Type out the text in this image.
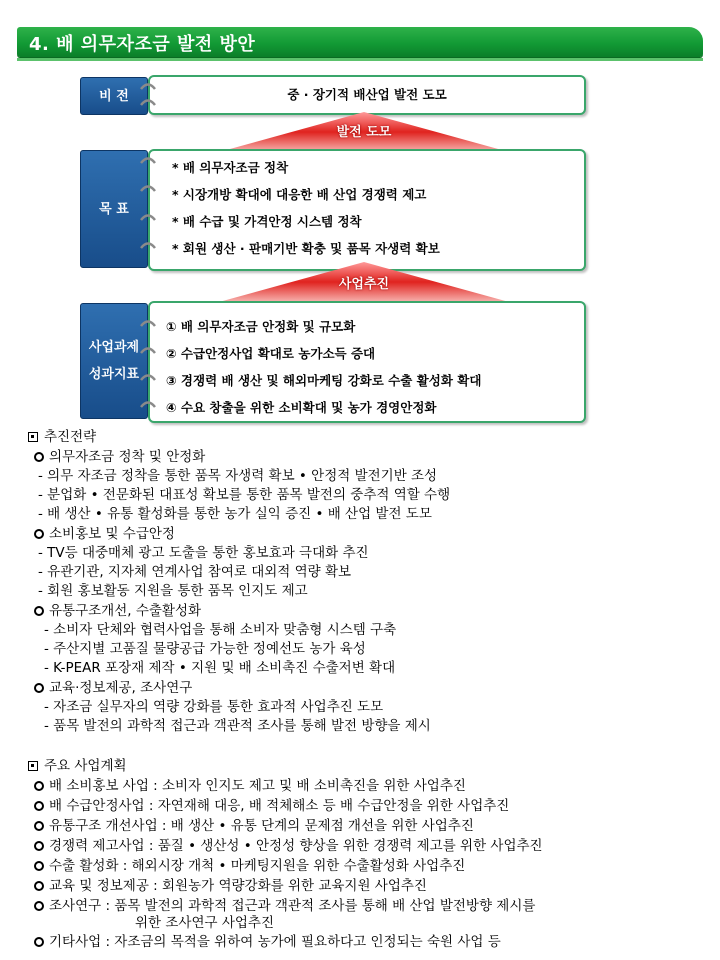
4. 배 의무자조금 발전 방안
비 전	중 · 장기적 배산업 발전 도모
발전 도모
목 표
* 배 의무자조금 정착
* 시장개방 확대에 대응한 배 산업 경쟁력 제고
* 배 수급 및 가격안정 시스템 정착
* 회원 생산 · 판매기반 확충 및 품목 자생력 확보
사업추진
사업과제
성과지표
① 배 의무자조금 안정화 및 규모화
② 수급안정사업 확대로 농가소득 증대
③ 경쟁력 배 생산 및 해외마케팅 강화로 수출 활성화 확대
④ 수요 창출을 위한 소비확대 및 농가 경영안정화
추진전략
의무자조금 정착 및 안정화
- 의무 자조금 정착을 통한 품목 자생력 확보 • 안정적 발전기반 조성
- 분업화 • 전문화된 대표성 확보를 통한 품목 발전의 중추적 역할 수행
- 배 생산 • 유통 활성화를 통한 농가 실익 증진 • 배 산업 발전 도모
소비홍보 및 수급안정
- TV등 대중매체 광고 도출을 통한 홍보효과 극대화 추진
- 유관기관, 지자체 연계사업 참여로 대외적 역량 확보
- 회원 홍보활동 지원을 통한 품목 인지도 제고
유통구조개선, 수출활성화
- 소비자 단체와 협력사업을 통해 소비자 맞춤형 시스템 구축
- 주산지별 고품질 물량공급 가능한 정예선도 농가 육성
- K-PEAR 포장재 제작 • 지원 및 배 소비촉진 수출저변 확대
교육·정보제공, 조사연구
- 자조금 실무자의 역량 강화를 통한 효과적 사업추진 도모
- 품목 발전의 과학적 접근과 객관적 조사를 통해 발전 방향을 제시
주요 사업계획
배 소비홍보 사업 : 소비자 인지도 제고 및 배 소비촉진을 위한 사업추진
배 수급안정사업 : 자연재해 대응, 배 적체해소 등 배 수급안정을 위한 사업추진
유통구조 개선사업 : 배 생산 • 유통 단계의 문제점 개선을 위한 사업추진
경쟁력 제고사업 : 품질 • 생산성 • 안정성 향상을 위한 경쟁력 제고를 위한 사업추진
수출 활성화 : 해외시장 개척 • 마케팅지원을 위한 수출활성화 사업추진
교육 및 정보제공 : 회원농가 역량강화를 위한 교육지원 사업추진
조사연구 : 품목 발전의 과학적 접근과 객관적 조사를 통해 배 산업 발전방향 제시를
위한 조사연구 사업추진
기타사업 : 자조금의 목적을 위하여 농가에 필요하다고 인정되는 숙원 사업 등
